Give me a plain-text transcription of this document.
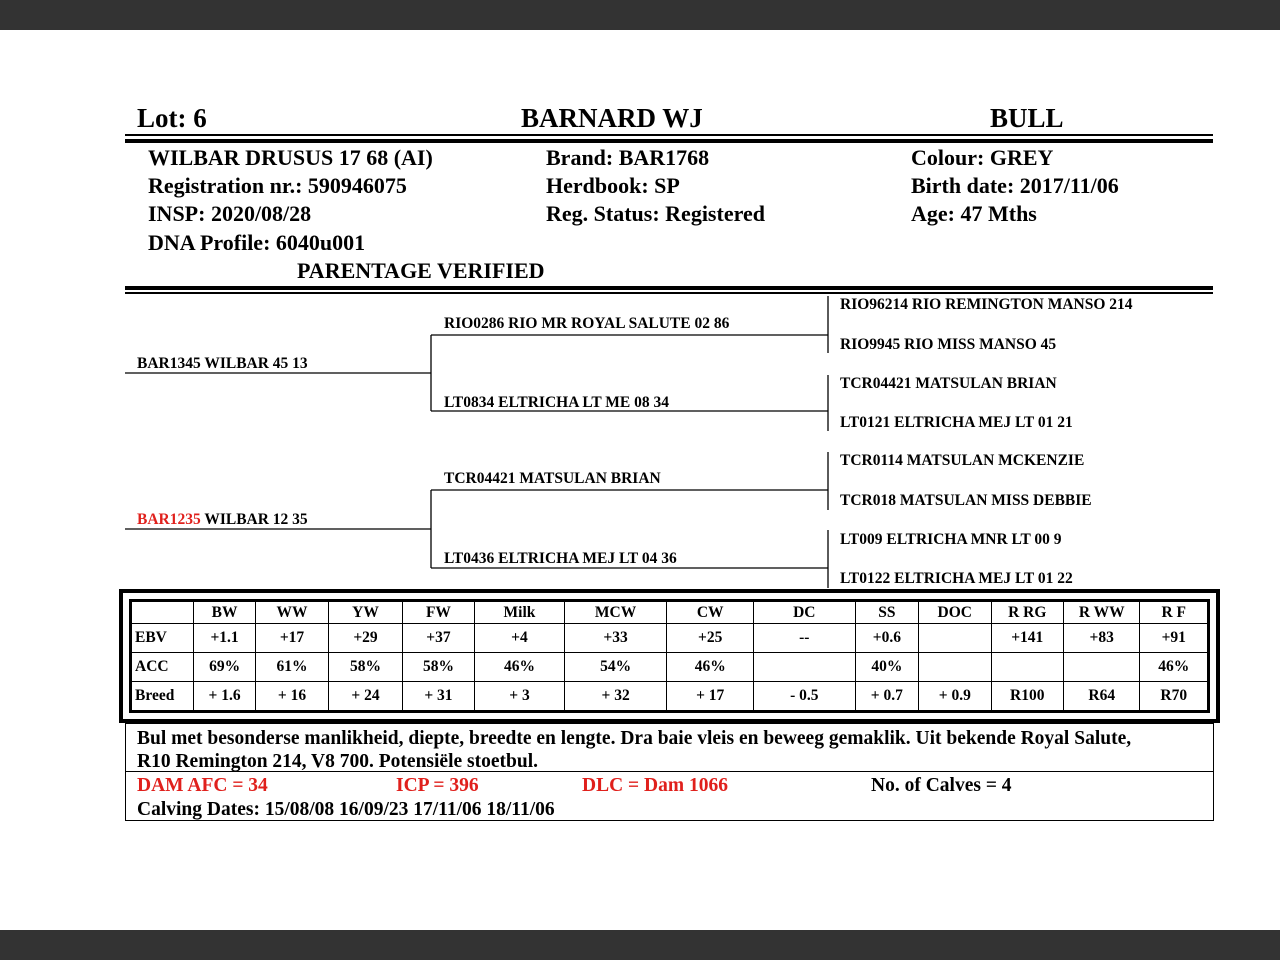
Lot: 6	BARNARD WJ	BULL
WILBAR DRUSUS 17 68 (AI)
Registration nr.: 590946075
INSP: 2020/08/28
DNA Profile: 6040u001
PARENTAGE VERIFIED
Brand: BAR1768
Herdbook: SP
Reg. Status: Registered
Colour: GREY
Birth date: 2017/11/06
Age: 47 Mths
BAR1345 WILBAR 45 13
BAR1235 WILBAR 12 35
RIO0286 RIO MR ROYAL SALUTE 02 86
LT0834 ELTRICHA LT ME 08 34
TCR04421 MATSULAN BRIAN
LT0436 ELTRICHA MEJ LT 04 36
RIO96214 RIO REMINGTON MANSO 214
RIO9945 RIO MISS MANSO 45
TCR04421 MATSULAN BRIAN
LT0121 ELTRICHA MEJ LT 01 21
TCR0114 MATSULAN MCKENZIE
TCR018 MATSULAN MISS DEBBIE
LT009 ELTRICHA MNR LT 00 9
LT0122 ELTRICHA MEJ LT 01 22
	BW	WW	YW	FW	Milk	MCW	CW	DC	SS	DOC	R RG	R WW	R F
EBV	+1.1	+17	+29	+37	+4	+33	+25	--	+0.6		+141	+83	+91
ACC	69%	61%	58%	58%	46%	54%	46%		40%				46%
Breed	+ 1.6	+ 16	+ 24	+ 31	+ 3	+ 32	+ 17	- 0.5	+ 0.7	+ 0.9	R100	R64	R70
Bul met besonderse manlikheid, diepte, breedte en lengte. Dra baie vleis en beweeg gemaklik. Uit bekende Royal Salute,
R10 Remington 214, V8 700. Potensiële stoetbul.
DAM AFC = 34	ICP = 396	DLC = Dam 1066	No. of Calves = 4
Calving Dates: 15/08/08 16/09/23 17/11/06 18/11/06
